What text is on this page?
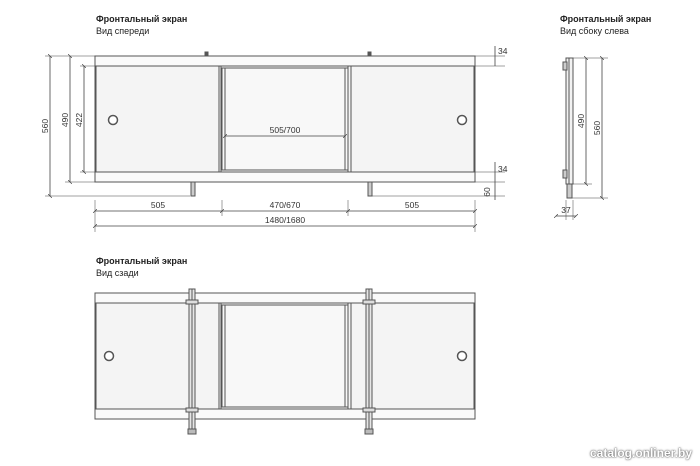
Фронтальный экран
Вид спереди
Фронтальный экран
Вид сбоку слева
Фронтальный экран
Вид сзади
560 490 422
34
34
60
505/700
505	470/670	505
1480/1680
490 560
37
catalog.onliner.by
